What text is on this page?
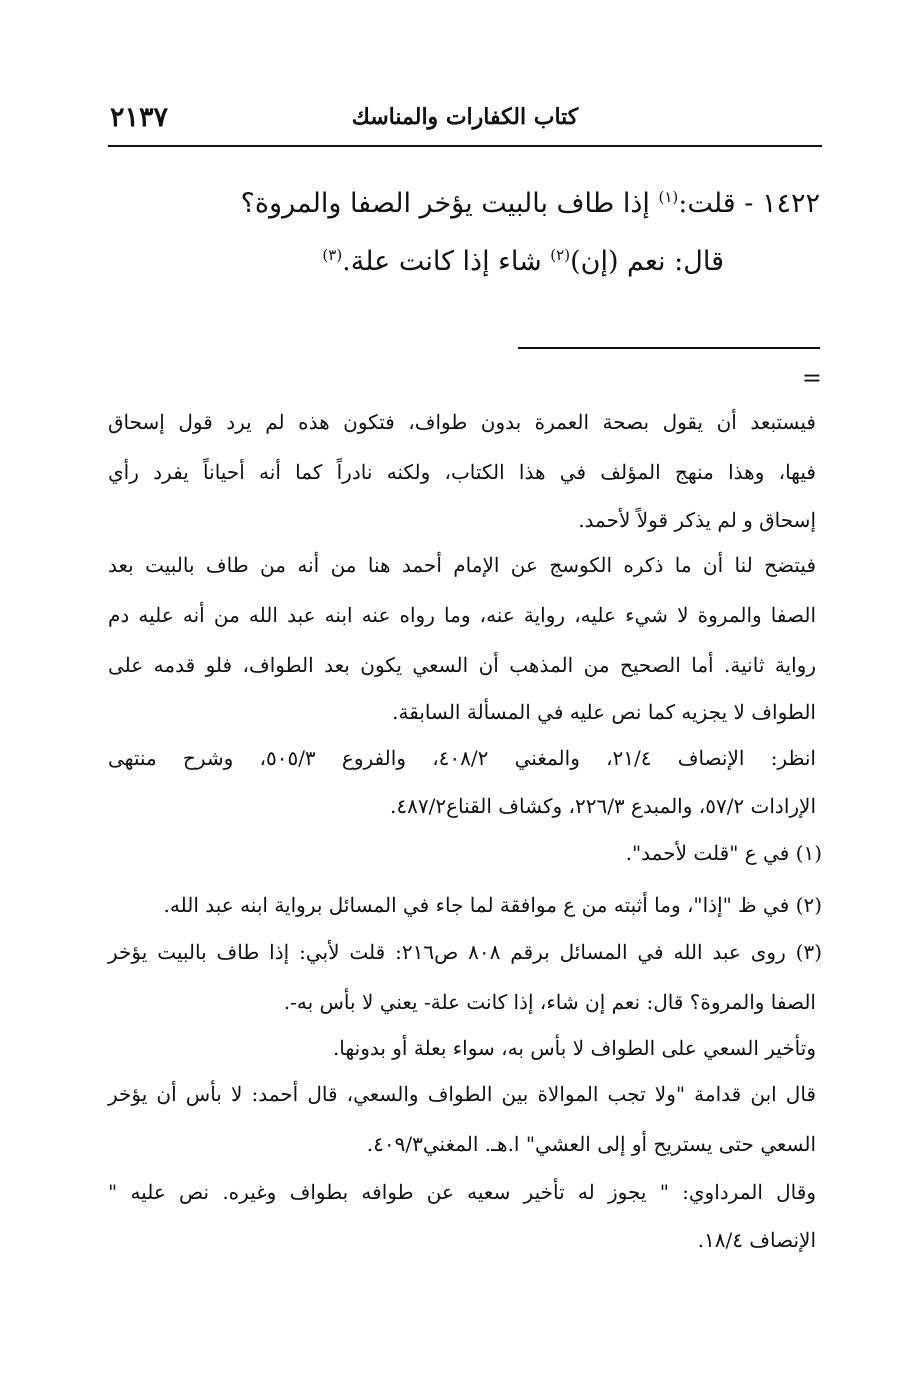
٢١٣٧	كتاب الكفارات والمناسك
١٤٢٢ - قلت:$^{(١)}$ إذا طاف بالبيت يؤخر الصفا والمروة؟
قال: نعم (إن)$^{(٢)}$ شاء إذا كانت علة.$^{(٣)}$
=
فيستبعد أن يقول بصحة العمرة بدون طواف، فتكون هذه لم يرد قول إسحاق
فيها، وهذا منهج المؤلف في هذا الكتاب، ولكنه نادراً كما أنه أحياناً يفرد رأي
إسحاق و لم يذكر قولاً لأحمد.
فيتضح لنا أن ما ذكره الكوسج عن الإمام أحمد هنا من أنه من طاف بالبيت بعد
الصفا والمروة لا شيء عليه، رواية عنه، وما رواه عنه ابنه عبد الله من أنه عليه دم
رواية ثانية. أما الصحيح من المذهب أن السعي يكون بعد الطواف، فلو قدمه على
الطواف لا يجزيه كما نص عليه في المسألة السابقة.
انظر: الإنصاف ٢١/٤، والمغني ٤٠٨/٢، والفروع ٥٠٥/٣، وشرح منتهى
الإرادات ٥٧/٢، والمبدع ٢٢٦/٣، وكشاف القناع٤٨٧/٢.
(١) في ع "قلت لأحمد".
(٢) في ظ "إذا"، وما أثبته من ع موافقة لما جاء في المسائل برواية ابنه عبد الله.
(٣) روى عبد الله في المسائل برقم ٨٠٨ ص٢١٦: قلت لأبي: إذا طاف بالبيت يؤخر
الصفا والمروة؟ قال: نعم إن شاء، إذا كانت علة- يعني لا بأس به-.
وتأخير السعي على الطواف لا بأس به، سواء بعلة أو بدونها.
قال ابن قدامة "ولا تجب الموالاة بين الطواف والسعي، قال أحمد: لا بأس أن يؤخر
السعي حتى يستريح أو إلى العشي" ا.هـ. المغني٤٠٩/٣.
وقال المرداوي: " يجوز له تأخير سعيه عن طوافه بطواف وغيره. نص عليه "
الإنصاف ١٨/٤.
